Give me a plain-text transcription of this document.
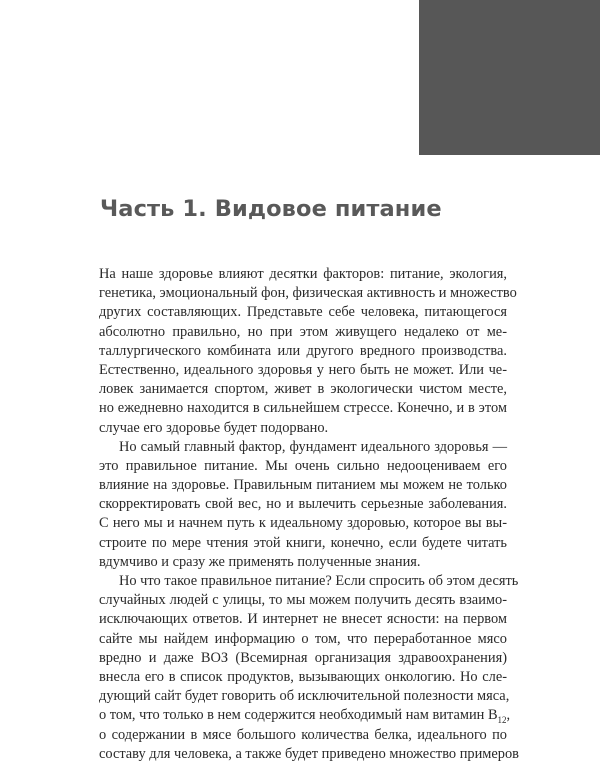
Часть 1. Видовое питание
На наше здоровье влияют десятки факторов: питание, экология,
генетика, эмоциональный фон, физическая активность и множество
других составляющих. Представьте себе человека, питающегося
абсолютно правильно, но при этом живущего недалеко от ме-
таллургического комбината или другого вредного производства.
Естественно, идеального здоровья у него быть не может. Или че-
ловек занимается спортом, живет в экологически чистом месте,
но ежедневно находится в сильнейшем стрессе. Конечно, и в этом
случае его здоровье будет подорвано.
Но самый главный фактор, фундамент идеального здоровья —
это правильное питание. Мы очень сильно недооцениваем его
влияние на здоровье. Правильным питанием мы можем не только
скорректировать свой вес, но и вылечить серьезные заболевания.
С него мы и начнем путь к идеальному здоровью, которое вы вы-
строите по мере чтения этой книги, конечно, если будете читать
вдумчиво и сразу же применять полученные знания.
Но что такое правильное питание? Если спросить об этом десять
случайных людей с улицы, то мы можем получить десять взаимо-
исключающих ответов. И интернет не внесет ясности: на первом
сайте мы найдем информацию о том, что переработанное мясо
вредно и даже ВОЗ (Всемирная организация здравоохранения)
внесла его в список продуктов, вызывающих онкологию. Но сле-
дующий сайт будет говорить об исключительной полезности мяса,
о том, что только в нем содержится необходимый нам витамин $B_{12}$,
о содержании в мясе большого количества белка, идеального по
составу для человека, а также будет приведено множество примеров
